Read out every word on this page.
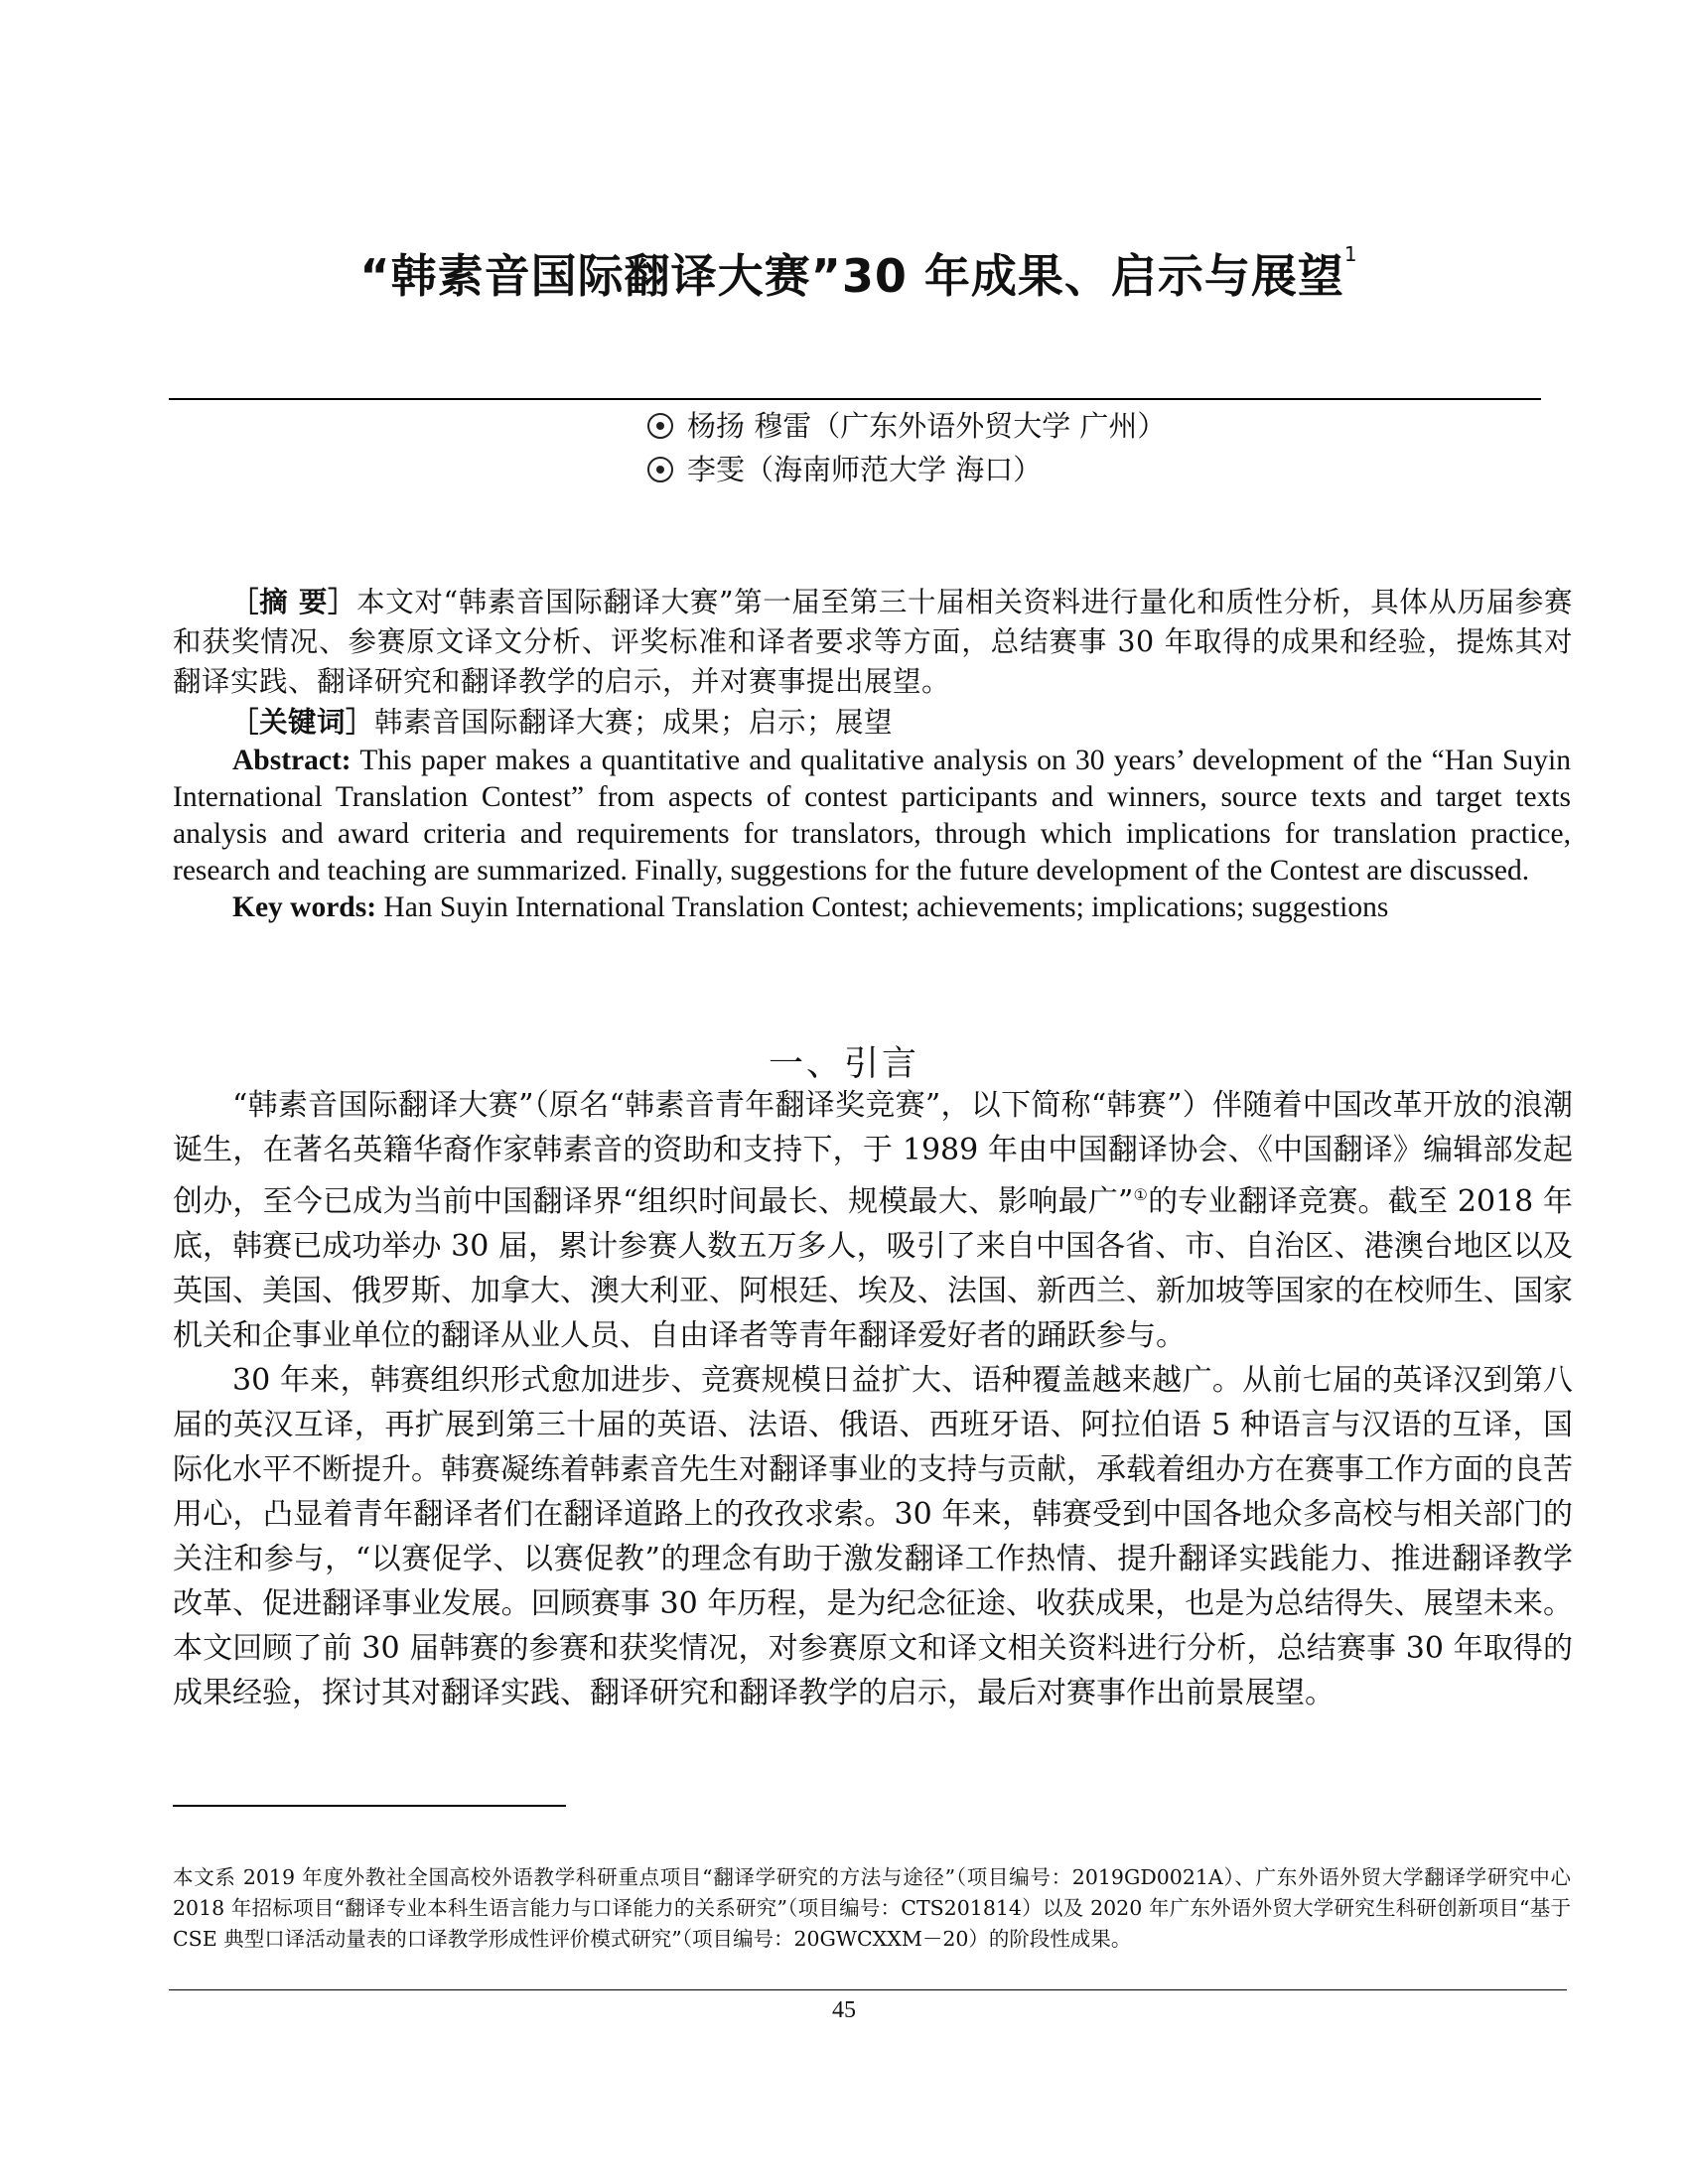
“韩素音国际翻译大赛”30 年成果、启示与展望$^1$
杨扬 穆雷（广东外语外贸大学 广州）
李雯（海南师范大学 海口）

［摘 要］本文对“韩素音国际翻译大赛”第一届至第三十届相关资料进行量化和质性分析，具体从历届参赛和获奖情况、参赛原文译文分析、评奖标准和译者要求等方面，总结赛事 30 年取得的成果和经验，提炼其对翻译实践、翻译研究和翻译教学的启示，并对赛事提出展望。

［关键词］韩素音国际翻译大赛；成果；启示；展望

Abstract: This paper makes a quantitative and qualitative analysis on 30 years’ development of the “Han Suyin International Translation Contest” from aspects of contest participants and winners, source texts and target texts analysis and award criteria and requirements for translators, through which implications for translation practice, research and teaching are summarized. Finally, suggestions for the future development of the Contest are discussed.

Key words: Han Suyin International Translation Contest; achievements; implications; suggestions

一、引言

“韩素音国际翻译大赛”（原名“韩素音青年翻译奖竞赛”，以下简称“韩赛”）伴随着中国改革开放的浪潮诞生，在著名英籍华裔作家韩素音的资助和支持下，于 1989 年由中国翻译协会、《中国翻译》编辑部发起创办，至今已成为当前中国翻译界“组织时间最长、规模最大、影响最广”①的专业翻译竞赛。截至 2018 年底，韩赛已成功举办 30 届，累计参赛人数五万多人，吸引了来自中国各省、市、自治区、港澳台地区以及英国、美国、俄罗斯、加拿大、澳大利亚、阿根廷、埃及、法国、新西兰、新加坡等国家的在校师生、国家机关和企事业单位的翻译从业人员、自由译者等青年翻译爱好者的踊跃参与。

30 年来，韩赛组织形式愈加进步、竞赛规模日益扩大、语种覆盖越来越广。从前七届的英译汉到第八届的英汉互译，再扩展到第三十届的英语、法语、俄语、西班牙语、阿拉伯语 5 种语言与汉语的互译，国际化水平不断提升。韩赛凝练着韩素音先生对翻译事业的支持与贡献，承载着组办方在赛事工作方面的良苦用心，凸显着青年翻译者们在翻译道路上的孜孜求索。30 年来，韩赛受到中国各地众多高校与相关部门的关注和参与，“以赛促学、以赛促教”的理念有助于激发翻译工作热情、提升翻译实践能力、推进翻译教学改革、促进翻译事业发展。回顾赛事 30 年历程，是为纪念征途、收获成果，也是为总结得失、展望未来。本文回顾了前 30 届韩赛的参赛和获奖情况，对参赛原文和译文相关资料进行分析，总结赛事 30 年取得的成果经验，探讨其对翻译实践、翻译研究和翻译教学的启示，最后对赛事作出前景展望。

本文系 2019 年度外教社全国高校外语教学科研重点项目“翻译学研究的方法与途径”（项目编号：2019GD0021A）、广东外语外贸大学翻译学研究中心 2018 年招标项目“翻译专业本科生语言能力与口译能力的关系研究”（项目编号：CTS201814）以及 2020 年广东外语外贸大学研究生科研创新项目“基于 CSE 典型口译活动量表的口译教学形成性评价模式研究”（项目编号：20GWCXXM－20）的阶段性成果。
45
